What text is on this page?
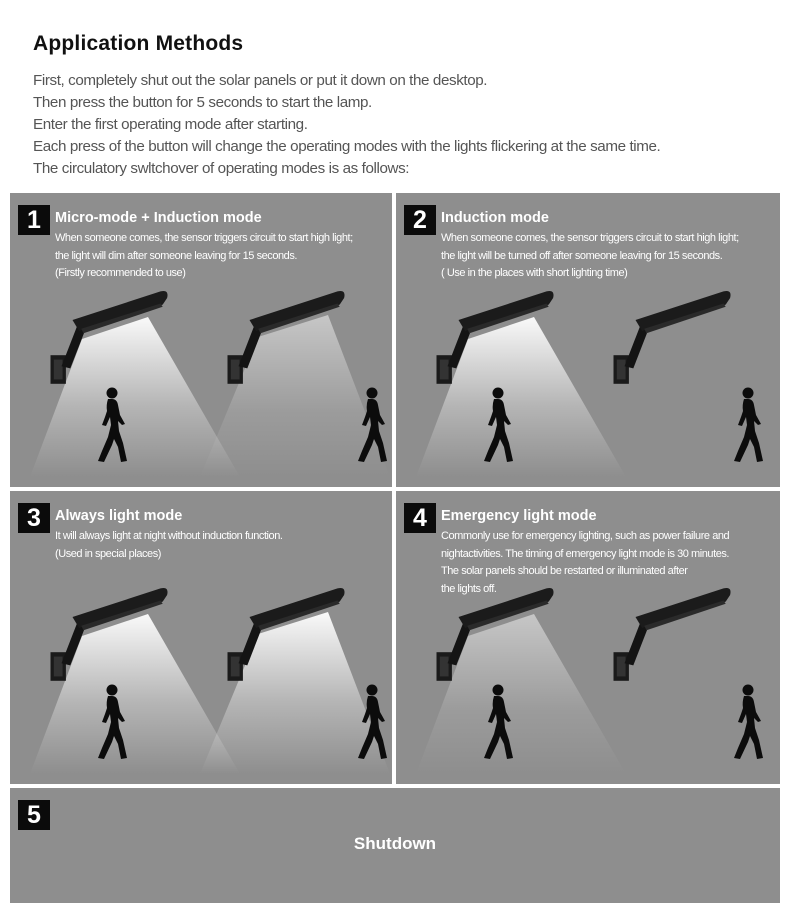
Application Methods

First, completely shut out the solar panels or put it down on the desktop.

Then press the button for 5 seconds to start the lamp.

Enter the first operating mode after starting.

Each press of the button will change the operating modes with the lights flickering at the same time.

The circulatory swltchover of operating modes is as follows:

1 Micro-mode + Induction mode

When someone comes, the sensor triggers circuit to start high light;

the light will dim after someone leaving for 15 seconds.

(Firstly recommended to use)

2 Induction mode

When someone comes, the sensor triggers circuit to start high light;

the light will be turned off after someone leaving for 15 seconds.

( Use in the places with short lighting time)

3 Always light mode

It will always light at night without induction function.

(Used in special places)

4 Emergency light mode

Commonly use for emergency lighting, such as power failure and

nightactivities. The timing of emergency light mode is 30 minutes.

The solar panels should be restarted or illuminated after

the lights off.

5
Shutdown
